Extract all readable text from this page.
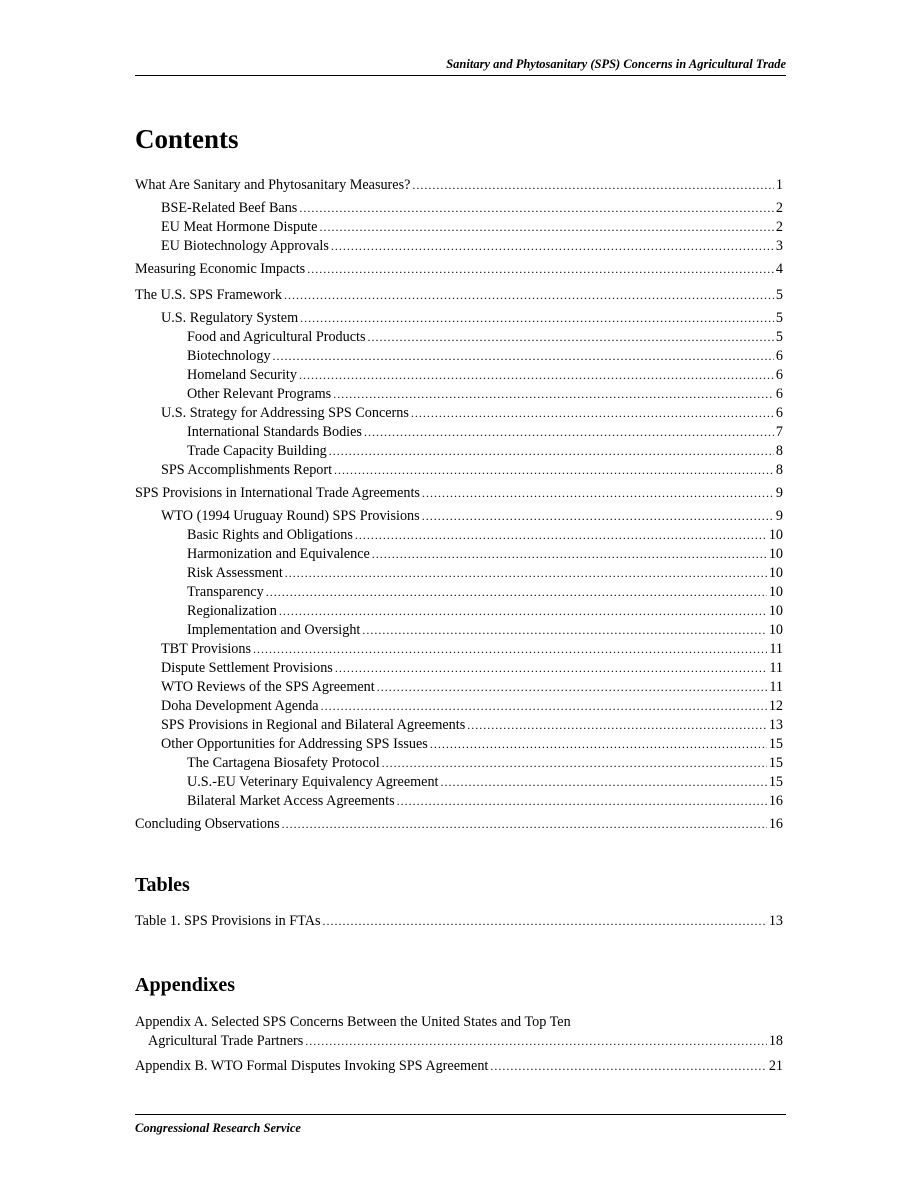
Sanitary and Phytosanitary (SPS) Concerns in Agricultural Trade
Contents
What Are Sanitary and Phytosanitary Measures? .....	1
BSE-Related Beef Bans .....	2
EU Meat Hormone Dispute .....	2
EU Biotechnology Approvals .....	3
Measuring Economic Impacts .....	4
The U.S. SPS Framework .....	5
U.S. Regulatory System .....	5
Food and Agricultural Products .....	5
Biotechnology .....	6
Homeland Security .....	6
Other Relevant Programs .....	6
U.S. Strategy for Addressing SPS Concerns .....	6
International Standards Bodies .....	7
Trade Capacity Building .....	8
SPS Accomplishments Report .....	8
SPS Provisions in International Trade Agreements .....	9
WTO (1994 Uruguay Round) SPS Provisions .....	9
Basic Rights and Obligations .....	10
Harmonization and Equivalence .....	10
Risk Assessment .....	10
Transparency .....	10
Regionalization .....	10
Implementation and Oversight .....	10
TBT Provisions .....	11
Dispute Settlement Provisions .....	11
WTO Reviews of the SPS Agreement .....	11
Doha Development Agenda .....	12
SPS Provisions in Regional and Bilateral Agreements .....	13
Other Opportunities for Addressing SPS Issues .....	15
The Cartagena Biosafety Protocol .....	15
U.S.-EU Veterinary Equivalency Agreement .....	15
Bilateral Market Access Agreements .....	16
Concluding Observations .....	16
Tables
Table 1. SPS Provisions in FTAs .....	13
Appendixes
Appendix A. Selected SPS Concerns Between the United States and Top Ten
Agricultural Trade Partners .....	18
Appendix B. WTO Formal Disputes Invoking SPS Agreement .....	21
Congressional Research Service
